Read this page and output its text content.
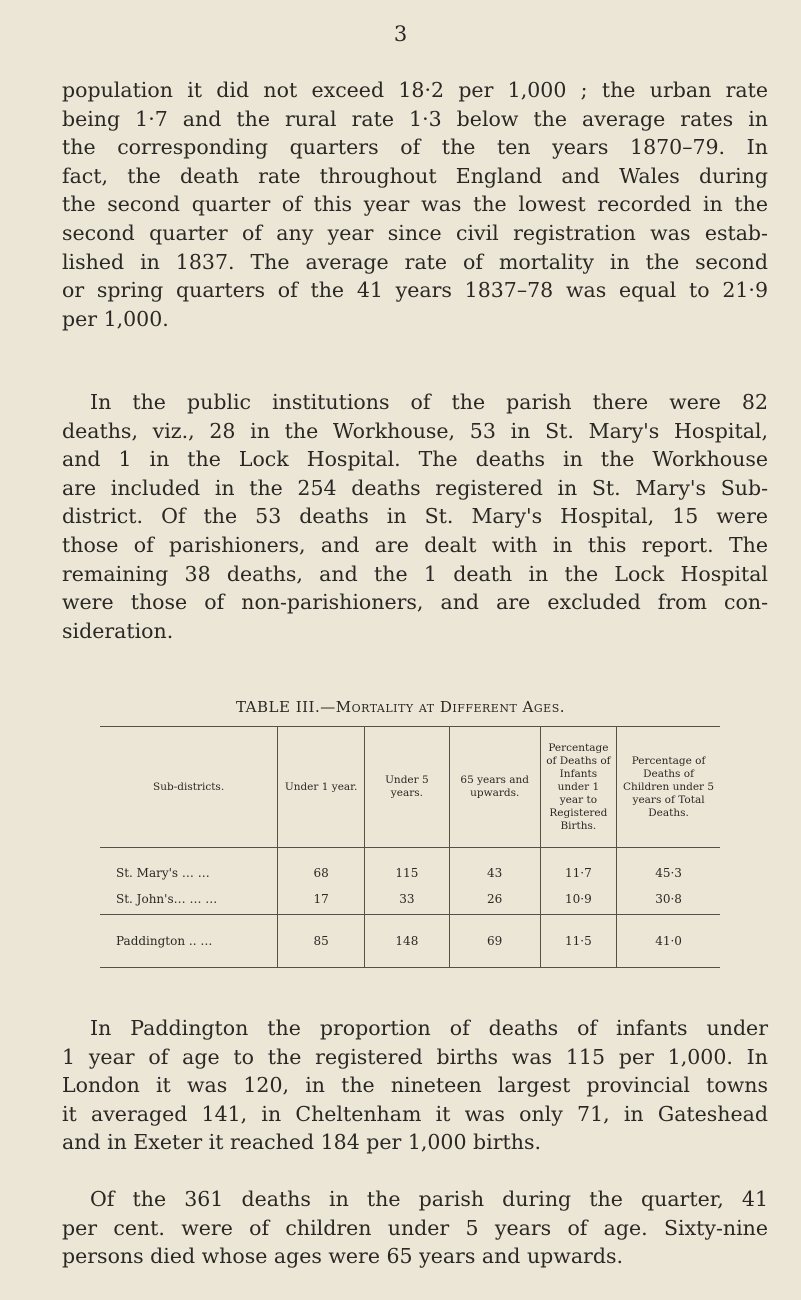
3

population it did not exceed 18·2 per 1,000 ; the urban rate
being 1·7 and the rural rate 1·3 below the average rates in
the corresponding quarters of the ten years 1870–79. In
fact, the death rate throughout England and Wales during
the second quarter of this year was the lowest recorded in the
second quarter of any year since civil registration was estab-
lished in 1837. The average rate of mortality in the second
or spring quarters of the 41 years 1837–78 was equal to 21·9
per 1,000.

In the public institutions of the parish there were 82
deaths, viz., 28 in the Workhouse, 53 in St. Mary's Hospital,
and 1 in the Lock Hospital. The deaths in the Workhouse
are included in the 254 deaths registered in St. Mary's Sub-
district. Of the 53 deaths in St. Mary's Hospital, 15 were
those of parishioners, and are dealt with in this report. The
remaining 38 deaths, and the 1 death in the Lock Hospital
were those of non-parishioners, and are excluded from con-
sideration.

TABLE III.—Mortality at Different Ages.
Sub-districts.	Under 1 year.	Under 5 years.	65 years and upwards.	Percentage of Deaths of Infants under 1 year to Registered Births.	Percentage of Deaths of Children under 5 years of Total Deaths.
St. Mary's … …	68	115	43	11·7	45·3
St. John's… … …	17	33	26	10·9	30·8
Paddington .. …	85	148	69	11·5	41·0

In Paddington the proportion of deaths of infants under
1 year of age to the registered births was 115 per 1,000. In
London it was 120, in the nineteen largest provincial towns
it averaged 141, in Cheltenham it was only 71, in Gateshead
and in Exeter it reached 184 per 1,000 births.

Of the 361 deaths in the parish during the quarter, 41
per cent. were of children under 5 years of age. Sixty-nine
persons died whose ages were 65 years and upwards.
